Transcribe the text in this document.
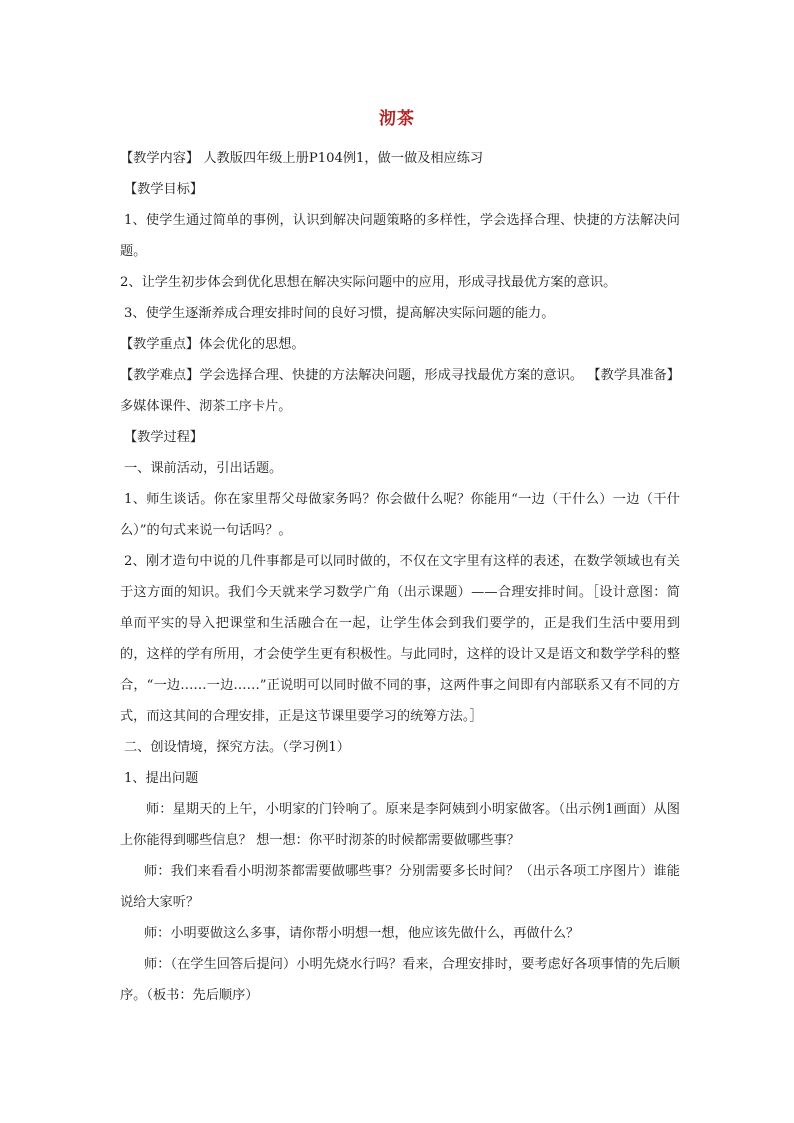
沏茶

【教学内容】 人教版四年级上册P104例1，做一做及相应练习

【教学目标】

1、使学生通过简单的事例，认识到解决问题策略的多样性，学会选择合理、快捷的方法解决问题。

2、让学生初步体会到优化思想在解决实际问题中的应用，形成寻找最优方案的意识。

3、使学生逐渐养成合理安排时间的良好习惯，提高解决实际问题的能力。

【教学重点】体会优化的思想。

【教学难点】学会选择合理、快捷的方法解决问题，形成寻找最优方案的意识。 【教学具准备】多媒体课件、沏茶工序卡片。

【教学过程】

一、课前活动，引出话题。

1、师生谈话。你在家里帮父母做家务吗？你会做什么呢？你能用“一边（干什么）一边（干什么）”的句式来说一句话吗？。

2、刚才造句中说的几件事都是可以同时做的，不仅在文字里有这样的表述，在数学领域也有关于这方面的知识。我们今天就来学习数学广角（出示课题）——合理安排时间。［设计意图：简单而平实的导入把课堂和生活融合在一起，让学生体会到我们要学的，正是我们生活中要用到的，这样的学有所用，才会使学生更有积极性。与此同时，这样的设计又是语文和数学学科的整合，“一边……一边……”正说明可以同时做不同的事，这两件事之间即有内部联系又有不同的方式，而这其间的合理安排，正是这节课里要学习的统筹方法。］

二、创设情境，探究方法。（学习例1）

1、提出问题

师：星期天的上午，小明家的门铃响了。原来是李阿姨到小明家做客。（出示例1画面）从图上你能得到哪些信息？ 想一想：你平时沏茶的时候都需要做哪些事？

师：我们来看看小明沏茶都需要做哪些事？分别需要多长时间？（出示各项工序图片）谁能说给大家听？

师：小明要做这么多事，请你帮小明想一想，他应该先做什么，再做什么？

师：（在学生回答后提问）小明先烧水行吗？看来，合理安排时，要考虑好各项事情的先后顺序。（板书：先后顺序）
